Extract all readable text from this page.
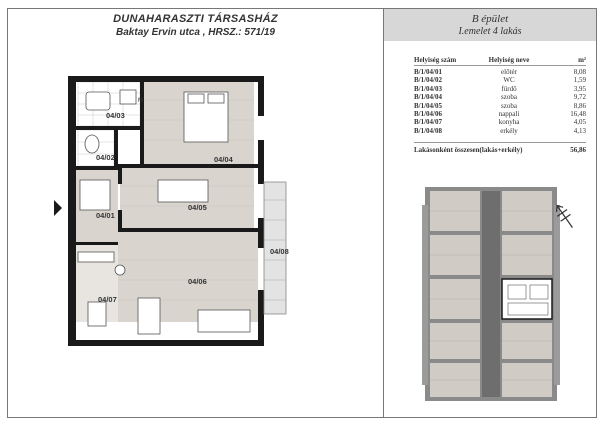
DUNAHARASZTI TÁRSASHÁZ
Baktay Ervin utca , HRSZ.: 571/19
B épület
I.emelet 4 lakás
Helyiség szám	Helyiség neve	m²
B/1/04/01	előtér	8,08
B/1/04/02	WC	1,59
B/1/04/03	fürdő	3,95
B/1/04/04	szoba	9,72
B/1/04/05	szoba	8,86
B/1/04/06	nappali	16,48
B/1/04/07	konyha	4,05
B/1/04/08	erkély	4,13
Lakásonként összesen(lakás+erkély)	56,86
04/03
04/02	04/04
04/01
04/05
04/08
04/06
04/07
M
